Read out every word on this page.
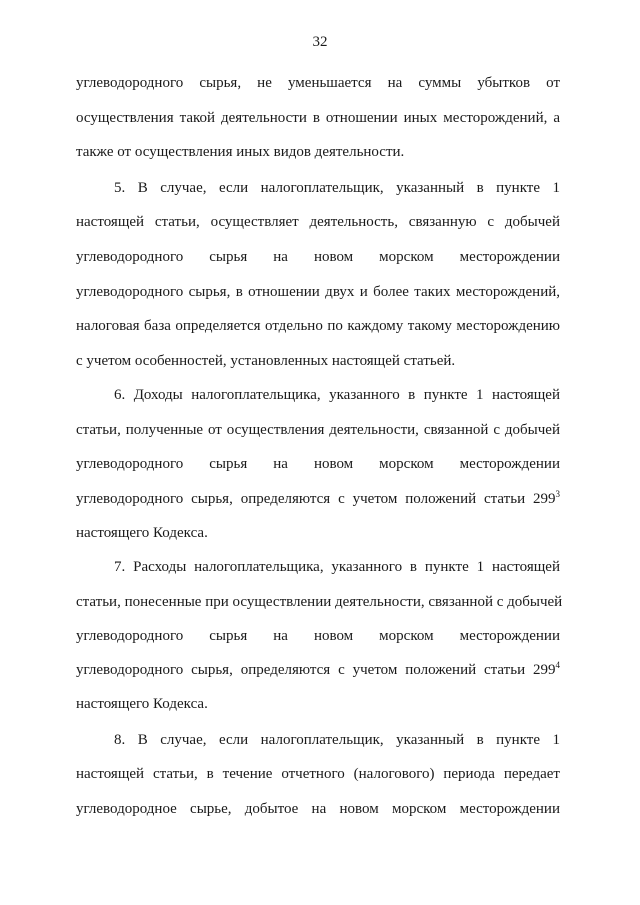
32
углеводородного сырья, не уменьшается на суммы убытков от
осуществления такой деятельности в отношении иных месторождений, а
также от осуществления иных видов деятельности.
5. В случае, если налогоплательщик, указанный в пункте 1
настоящей статьи, осуществляет деятельность, связанную с добычей
углеводородного сырья на новом морском месторождении
углеводородного сырья, в отношении двух и более таких месторождений,
налоговая база определяется отдельно по каждому такому месторождению
с учетом особенностей, установленных настоящей статьей.
6. Доходы налогоплательщика, указанного в пункте 1 настоящей
статьи, полученные от осуществления деятельности, связанной с добычей
углеводородного сырья на новом морском месторождении
углеводородного сырья, определяются с учетом положений статьи $299^3$
настоящего Кодекса.
7. Расходы налогоплательщика, указанного в пункте 1 настоящей
статьи, понесенные при осуществлении деятельности, связанной с добычей
углеводородного сырья на новом морском месторождении
углеводородного сырья, определяются с учетом положений статьи $299^4$
настоящего Кодекса.
8. В случае, если налогоплательщик, указанный в пункте 1
настоящей статьи, в течение отчетного (налогового) периода передает
углеводородное сырье, добытое на новом морском месторождении
